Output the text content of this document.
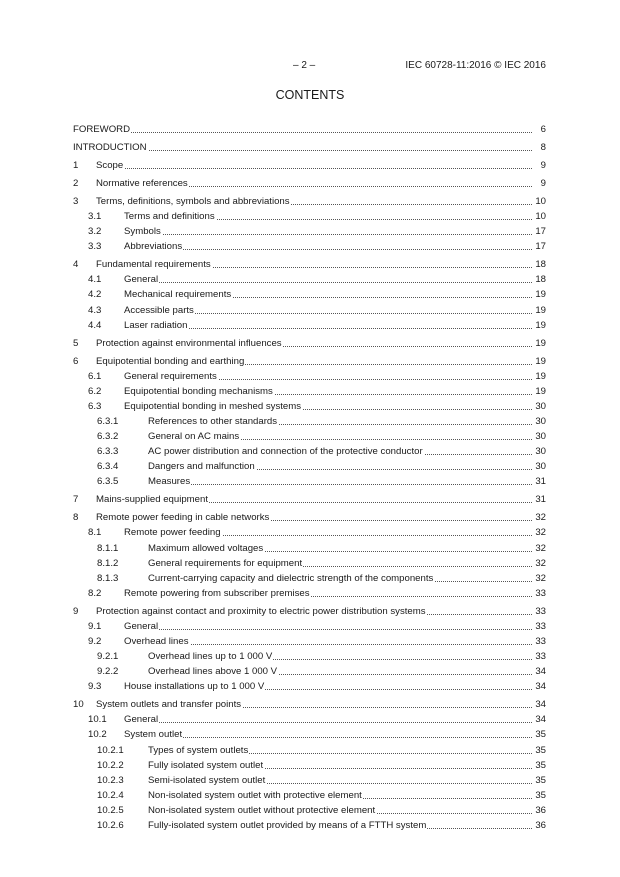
– 2 –	IEC 60728-11:2016 © IEC 2016
CONTENTS
FOREWORD	6
INTRODUCTION	8
1 Scope	9
2 Normative references	9
3 Terms, definitions, symbols and abbreviations	10
3.1 Terms and definitions	10
3.2 Symbols	17
3.3 Abbreviations	17
4 Fundamental requirements	18
4.1 General	18
4.2 Mechanical requirements	19
4.3 Accessible parts	19
4.4 Laser radiation	19
5 Protection against environmental influences	19
6 Equipotential bonding and earthing	19
6.1 General requirements	19
6.2 Equipotential bonding mechanisms	19
6.3 Equipotential bonding in meshed systems	30
6.3.1	References to other standards	30
6.3.2	General on AC mains	30
6.3.3	AC power distribution and connection of the protective conductor	30
6.3.4	Dangers and malfunction	30
6.3.5	Measures	31
7 Mains-supplied equipment	31
8 Remote power feeding in cable networks	32
8.1 Remote power feeding	32
8.1.1	Maximum allowed voltages	32
8.1.2	General requirements for equipment	32
8.1.3	Current-carrying capacity and dielectric strength of the components	32
8.2 Remote powering from subscriber premises	33
9 Protection against contact and proximity to electric power distribution systems	33
9.1 General	33
9.2 Overhead lines	33
9.2.1	Overhead lines up to 1 000 V	33
9.2.2	Overhead lines above 1 000 V	34
9.3 House installations up to 1 000 V	34
10 System outlets and transfer points	34
10.1 General	34
10.2 System outlet	35
10.2.1	Types of system outlets	35
10.2.2	Fully isolated system outlet	35
10.2.3	Semi-isolated system outlet	35
10.2.4	Non-isolated system outlet with protective element	35
10.2.5	Non-isolated system outlet without protective element	36
10.2.6	Fully-isolated system outlet provided by means of a FTTH system	36
